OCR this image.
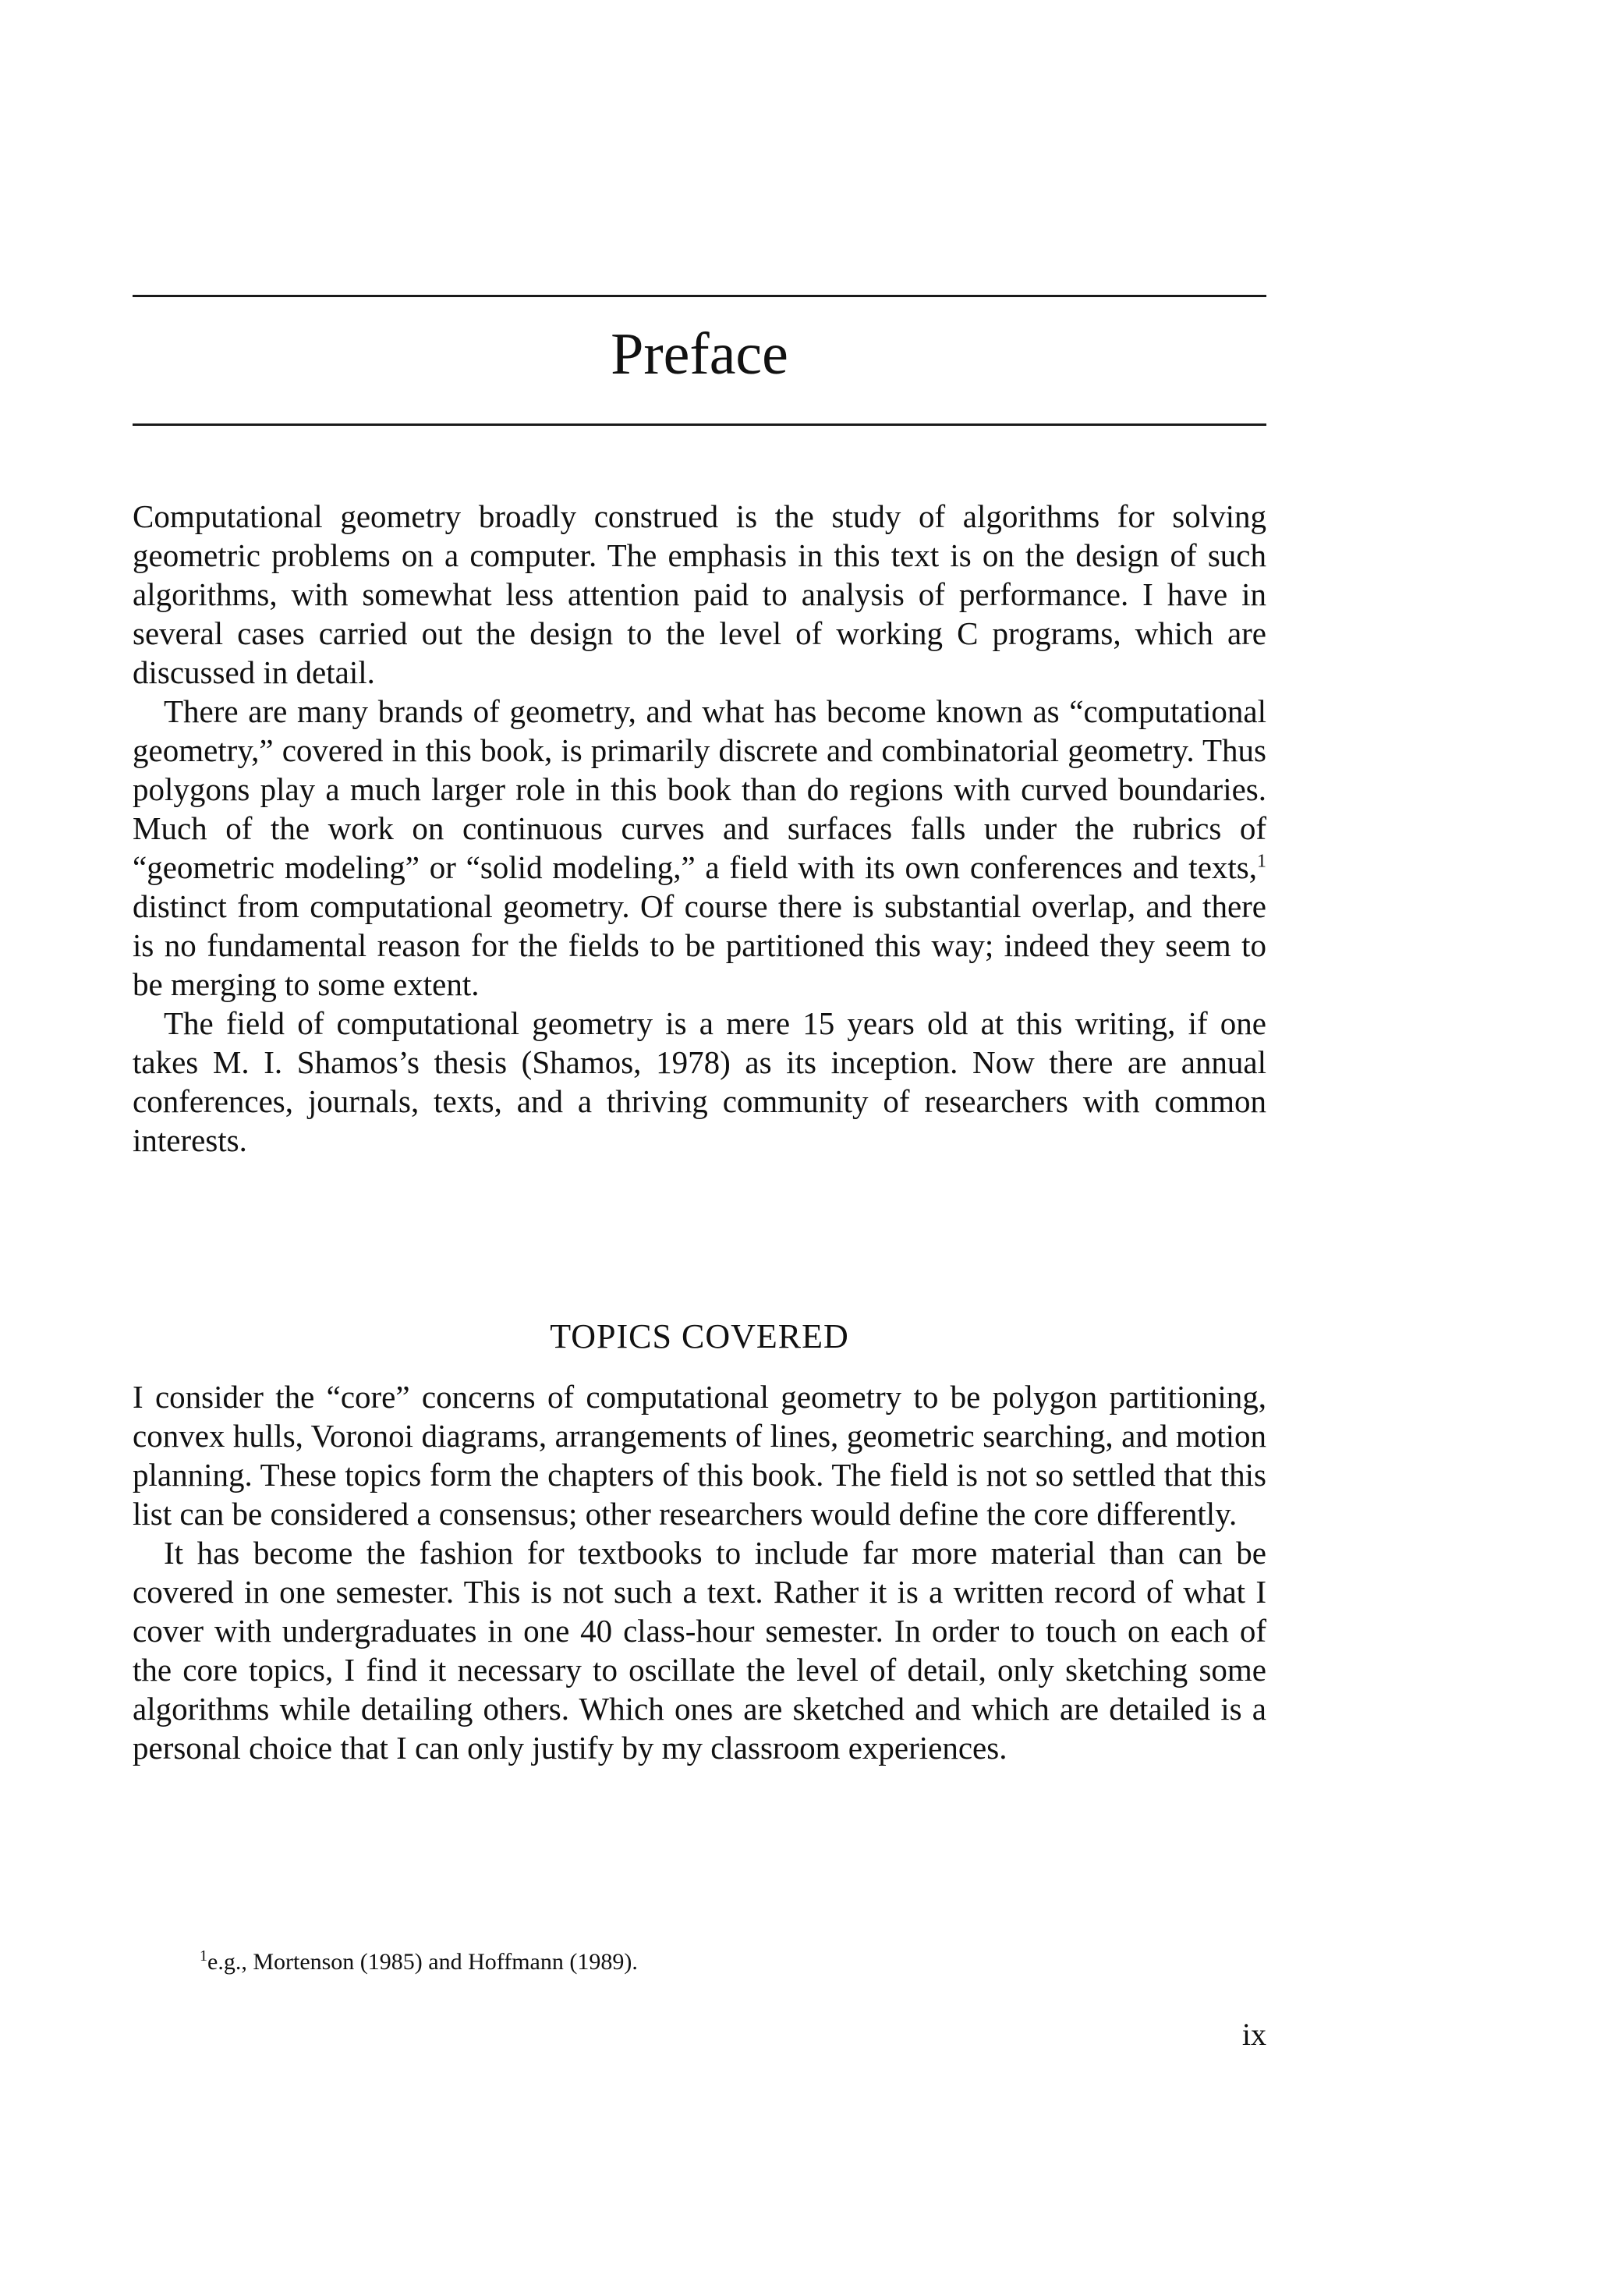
Preface

Computational geometry broadly construed is the study of algorithms for solving geometric problems on a computer. The emphasis in this text is on the design of such algorithms, with somewhat less attention paid to analysis of performance. I have in several cases carried out the design to the level of working C programs, which are discussed in detail.

There are many brands of geometry, and what has become known as “computational geometry,” covered in this book, is primarily discrete and combinatorial geometry. Thus polygons play a much larger role in this book than do regions with curved boundaries. Much of the work on continuous curves and surfaces falls under the rubrics of “geometric modeling” or “solid modeling,” a field with its own conferences and texts,$^1$ distinct from computational geometry. Of course there is substantial overlap, and there is no fundamental reason for the fields to be partitioned this way; indeed they seem to be merging to some extent.

The field of computational geometry is a mere 15 years old at this writing, if one takes M. I. Shamos’s thesis (Shamos, 1978) as its inception. Now there are annual conferences, journals, texts, and a thriving community of researchers with common interests.

TOPICS COVERED

I consider the “core” concerns of computational geometry to be polygon partitioning, convex hulls, Voronoi diagrams, arrangements of lines, geometric searching, and motion planning. These topics form the chapters of this book. The field is not so settled that this list can be considered a consensus; other researchers would define the core differently.

It has become the fashion for textbooks to include far more material than can be covered in one semester. This is not such a text. Rather it is a written record of what I cover with undergraduates in one 40 class-hour semester. In order to touch on each of the core topics, I find it necessary to oscillate the level of detail, only sketching some algorithms while detailing others. Which ones are sketched and which are detailed is a personal choice that I can only justify by my classroom experiences.

$^1$e.g., Mortenson (1985) and Hoffmann (1989).
ix
